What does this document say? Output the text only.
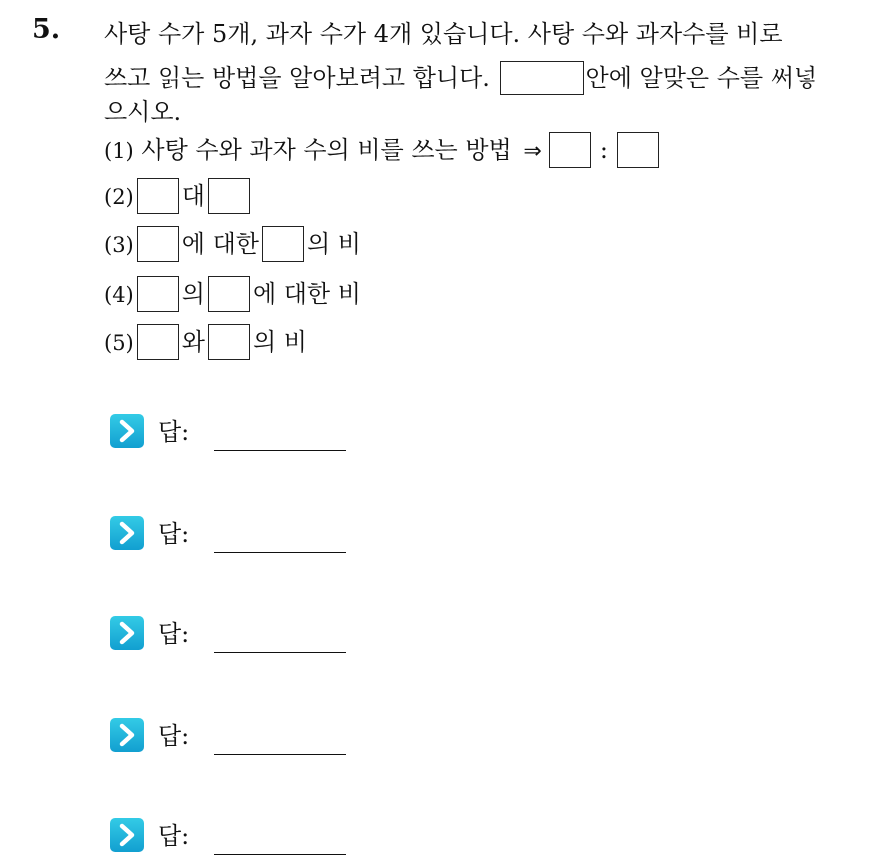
5. 사탕 수가 5개, 과자 수가 4개 있습니다. 사탕 수와 과자수를 비로
쓰고 읽는 방법을 알아보려고 합니다.	안에 알맞은 수를 써넣
으시오.
(1) 사탕 수와 과자 수의 비를 쓰는 방법 ⇒ :
(2) 대
(3) 에 대한 의 비
(4) 의 에 대한 비
(5) 와 의 비
답:
답:
답:
답:
답:
